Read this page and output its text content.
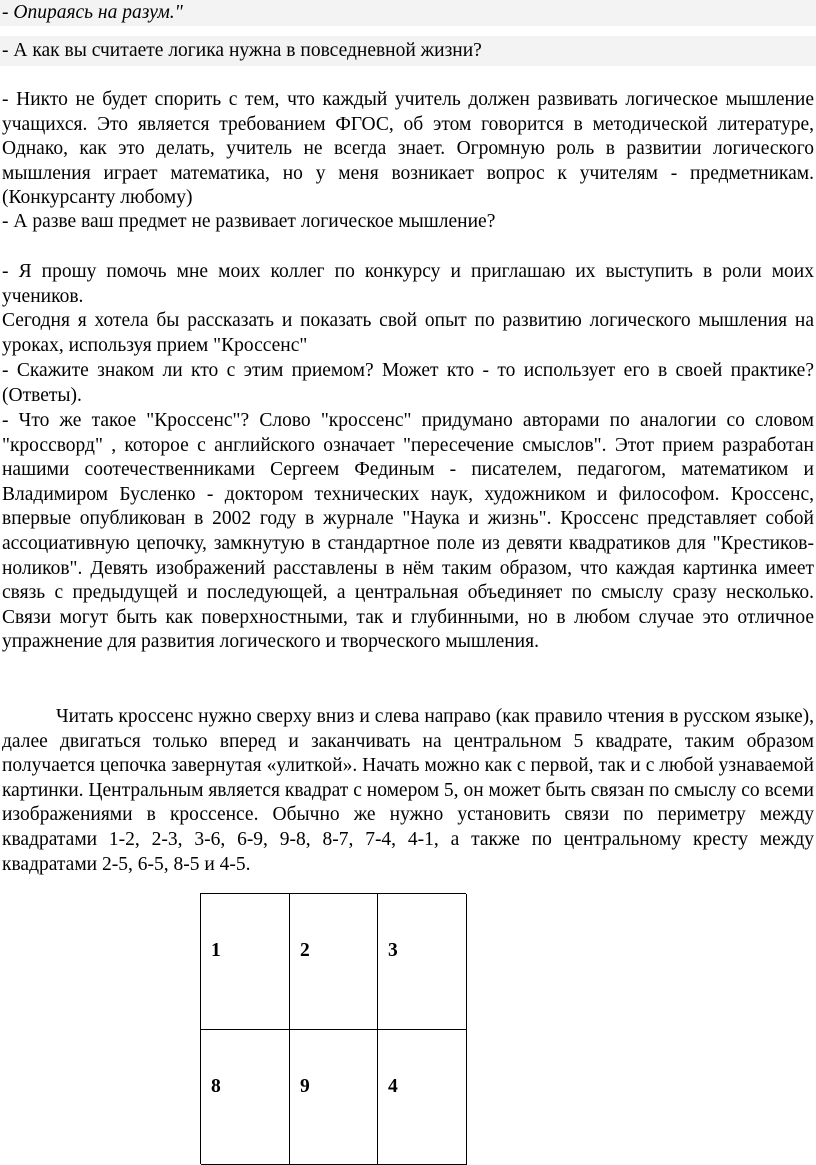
- Опираясь на разум."
- А как вы считаете логика нужна в повседневной жизни?

- Никто не будет спорить с тем, что каждый учитель должен развивать логическое мышление учащихся. Это является требованием ФГОС, об этом говорится в методической литературе, Однако, как это делать, учитель не всегда знает. Огромную роль в развитии логического мышления играет математика, но у меня возникает вопрос к учителям - предметникам. (Конкурсанту любому)

- А разве ваш предмет не развивает логическое мышление?

- Я прошу помочь мне моих коллег по конкурсу и приглашаю их выступить в роли моих учеников.

Сегодня я хотела бы рассказать и показать свой опыт по развитию логического мышления на уроках, используя прием "Кроссенс"

- Скажите знаком ли кто с этим приемом? Может кто - то использует его в своей практике? (Ответы).

- Что же такое "Кроссенс"? Слово "кроссенс" придумано авторами по аналогии со словом "кроссворд" , которое с английского означает "пересечение смыслов". Этот прием разработан нашими соотечественниками Сергеем Фединым - писателем, педагогом, математиком и Владимиром Бусленко - доктором технических наук, художником и философом. Кроссенс, впервые опубликован в 2002 году в журнале "Наука и жизнь". Кроссенс представляет собой ассоциативную цепочку, замкнутую в стандартное поле из девяти квадратиков для "Крестиков-ноликов". Девять изображений расставлены в нём таким образом, что каждая картинка имеет связь с предыдущей и последующей, а центральная объединяет по смыслу сразу несколько. Связи могут быть как поверхностными, так и глубинными, но в любом случае это отличное упражнение для развития логического и творческого мышления.

Читать кроссенс нужно сверху вниз и слева направо (как правило чтения в русском языке), далее двигаться только вперед и заканчивать на центральном 5 квадрате, таким образом получается цепочка завернутая «улиткой». Начать можно как с первой, так и с любой узнаваемой картинки. Центральным является квадрат с номером 5, он может быть связан по смыслу со всеми изображениями в кроссенсе. Обычно же нужно установить связи по периметру между квадратами 1-2, 2-3, 3-6, 6-9, 9-8, 8-7, 7-4, 4-1, а также по центральному кресту между квадратами 2-5, 6-5, 8-5 и 4-5.

1	2	3
8	9	4
